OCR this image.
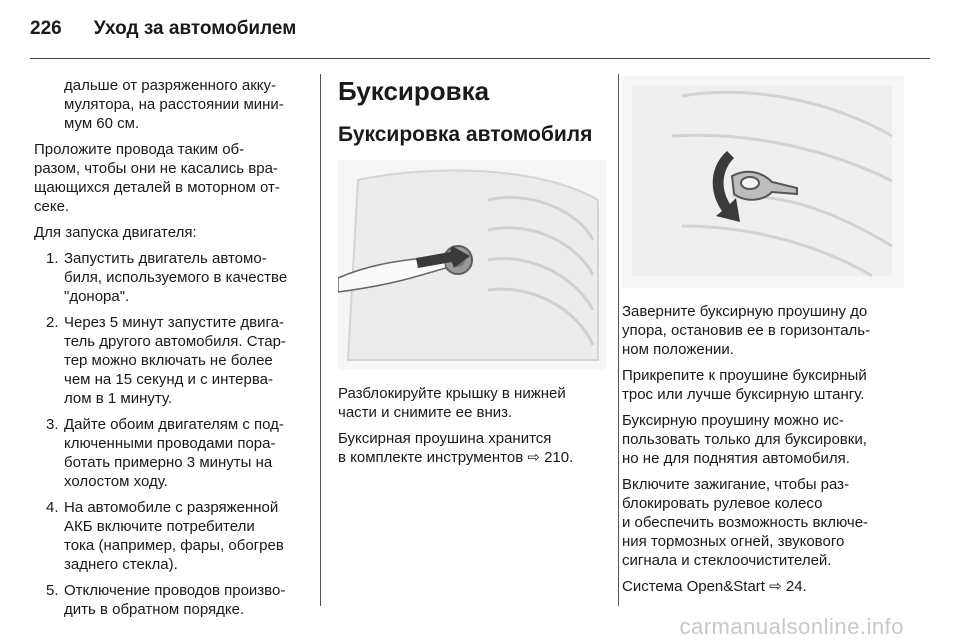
226 Уход за автомобилем
дальше от разряженного акку-
мулятора, на расстоянии мини-
мум 60 см.

Проложите провода таким об-
разом, чтобы они не касались вра-
щающихся деталей в моторном от-
секе.

Для запуска двигателя:

1. Запустить двигатель автомо-
биля, используемого в качестве
"донора".
2. Через 5 минут запустите двига-
тель другого автомобиля. Стар-
тер можно включать не более
чем на 15 секунд и с интерва-
лом в 1 минуту.
3. Дайте обоим двигателям с под-
ключенными проводами пора-
ботать примерно 3 минуты на
холостом ходу.
4. На автомобиле с разряженной
АКБ включите потребители
тока (например, фары, обогрев
заднего стекла).
5. Отключение проводов произво-
дить в обратном порядке.
Буксировка
Буксировка автомобиля

Разблокируйте крышку в нижней
части и снимите ее вниз.

Буксирная проушина хранится
в комплекте инструментов ⇨ 210.

Заверните буксирную проушину до
упора, остановив ее в горизонталь-
ном положении.

Прикрепите к проушине буксирный
трос или лучше буксирную штангу.

Буксирную проушину можно ис-
пользовать только для буксировки,
но не для поднятия автомобиля.

Включите зажигание, чтобы раз-
блокировать рулевое колесо
и обеспечить возможность включе-
ния тормозных огней, звукового
сигнала и стеклоочистителей.

Система Open&Start ⇨ 24.

carmanualsonline.info
